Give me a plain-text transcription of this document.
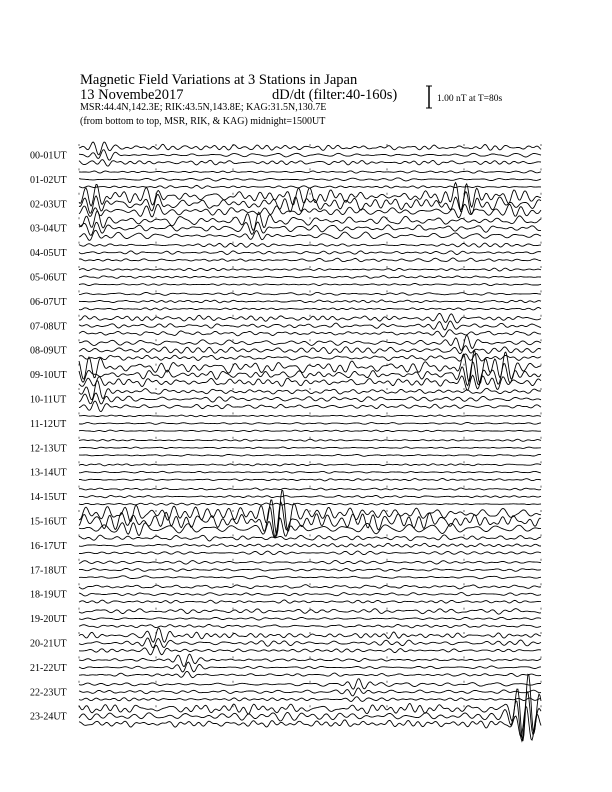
Magnetic Field Variations at 3 Stations in Japan
13 Novembe2017	dD/dt (filter:40-160s)
MSR:44.4N,142.3E; RIK:43.5N,143.8E; KAG:31.5N,130.7E
(from bottom to top, MSR, RIK, & KAG) midnight=1500UT
1.00 nT at T=80s
00-01UT
01-02UT
02-03UT
03-04UT
04-05UT
05-06UT
06-07UT
07-08UT
08-09UT
09-10UT
10-11UT
11-12UT
12-13UT
13-14UT
14-15UT
15-16UT
16-17UT
17-18UT
18-19UT
19-20UT
20-21UT
21-22UT
22-23UT
23-24UT
